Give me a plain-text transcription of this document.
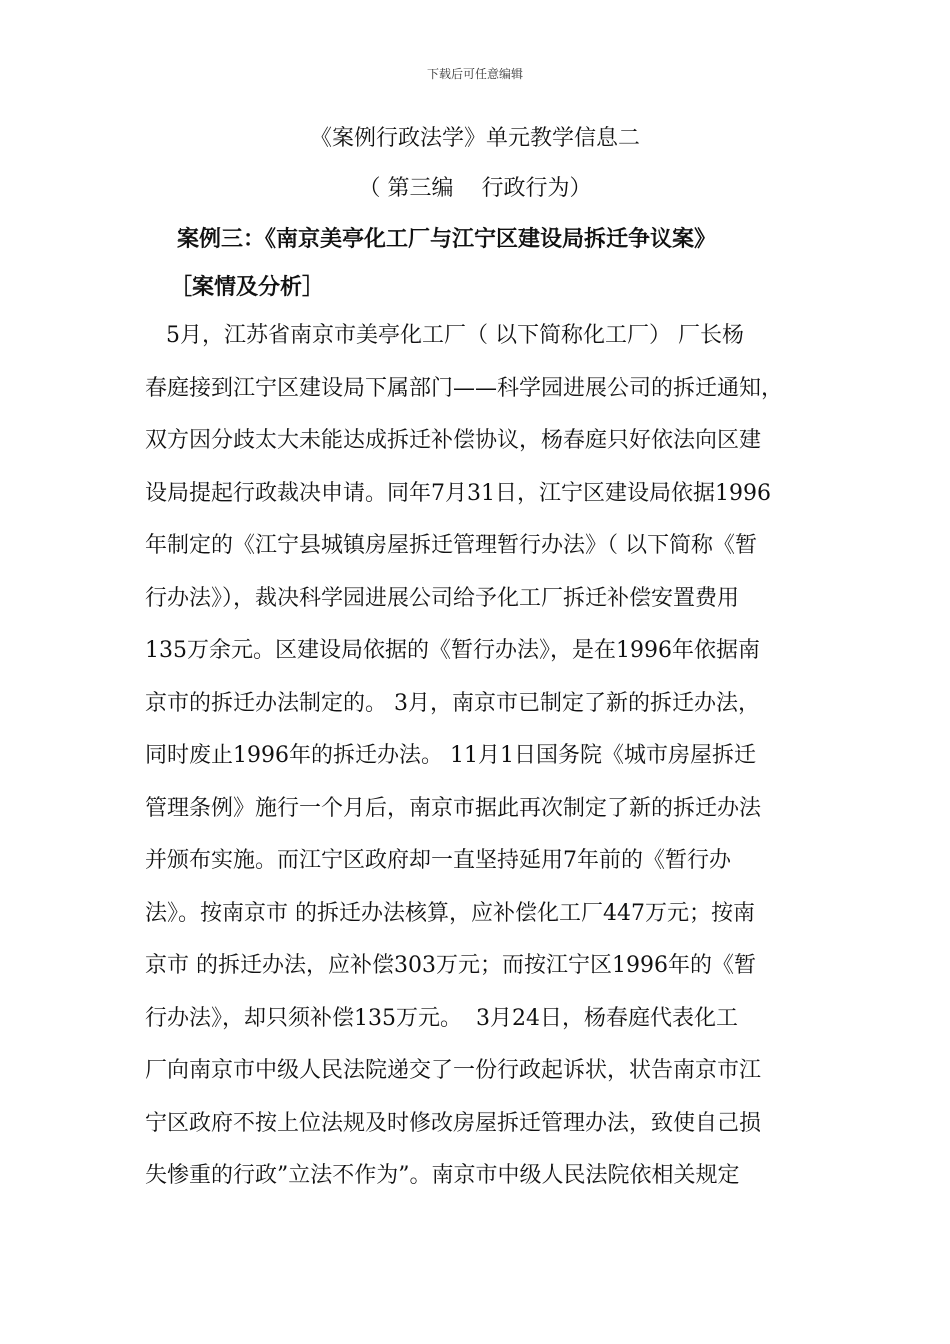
下载后可任意编辑
《案例行政法学》单元教学信息二
（ 第三编    行政行为）
案例三：《南京美亭化工厂与江宁区建设局拆迁争议案》
［案情及分析］
5月，江苏省南京市美亭化工厂（ 以下简称化工厂） 厂长杨
春庭接到江宁区建设局下属部门——科学园进展公司的拆迁通知，
双方因分歧太大未能达成拆迁补偿协议，杨春庭只好依法向区建
设局提起行政裁决申请。同年7月31日，江宁区建设局依据1996
年制定的《江宁县城镇房屋拆迁管理暂行办法》（ 以下简称《暂
行办法》），裁决科学园进展公司给予化工厂拆迁补偿安置费用
135万余元。区建设局依据的《暂行办法》，是在1996年依据南
京市的拆迁办法制定的。 3月，南京市已制定了新的拆迁办法，
同时废止1996年的拆迁办法。 11月1日国务院《城市房屋拆迁
管理条例》施行一个月后，南京市据此再次制定了新的拆迁办法
并颁布实施。而江宁区政府却一直坚持延用7年前的《暂行办
法》。按南京市 的拆迁办法核算，应补偿化工厂447万元；按南
京市 的拆迁办法，应补偿303万元；而按江宁区1996年的《暂
行办法》，却只须补偿135万元。  3月24日，杨春庭代表化工
厂向南京市中级人民法院递交了一份行政起诉状，状告南京市江
宁区政府不按上位法规及时修改房屋拆迁管理办法，致使自己损
失惨重的行政”立法不作为”。南京市中级人民法院依相关规定
